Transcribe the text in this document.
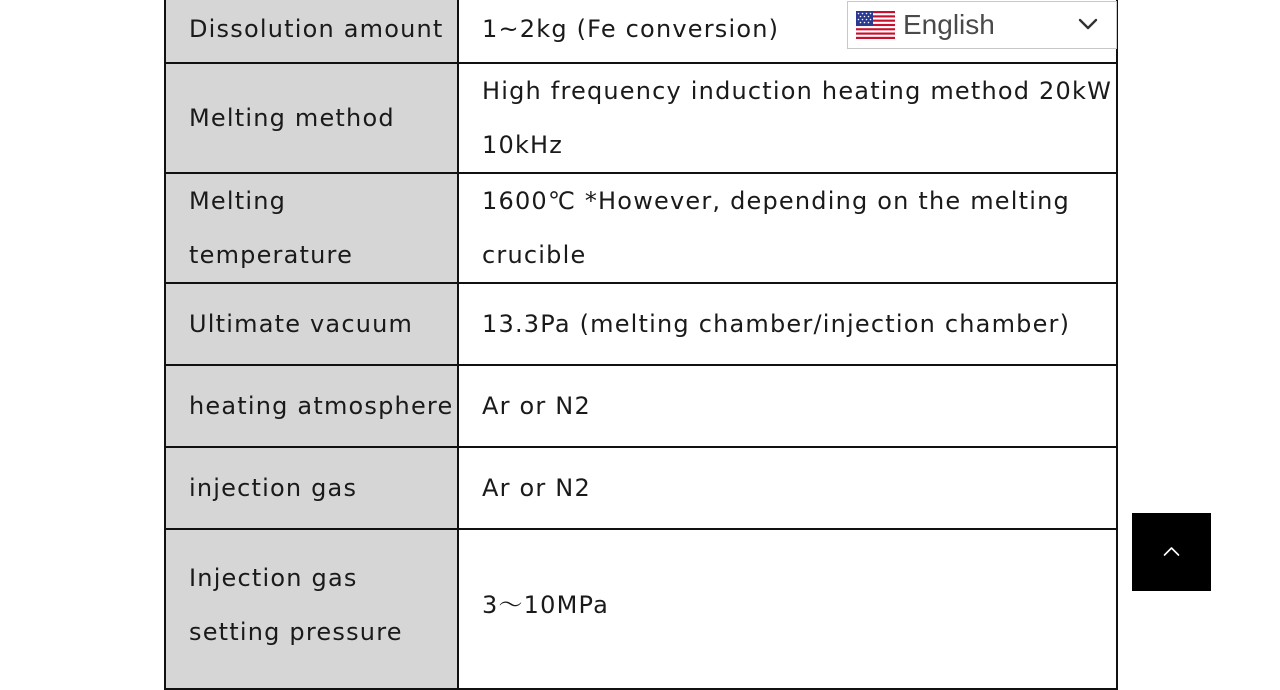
Dissolution amount	1~2kg (Fe conversion)
Melting method	High frequency induction heating method 20kW 10kHz
Melting temperature	1600℃ *However, depending on the melting crucible
Ultimate vacuum	13.3Pa (melting chamber/injection chamber)
heating atmosphere	Ar or N2
injection gas	Ar or N2
Injection gas setting pressure	3〜10MPa
English
